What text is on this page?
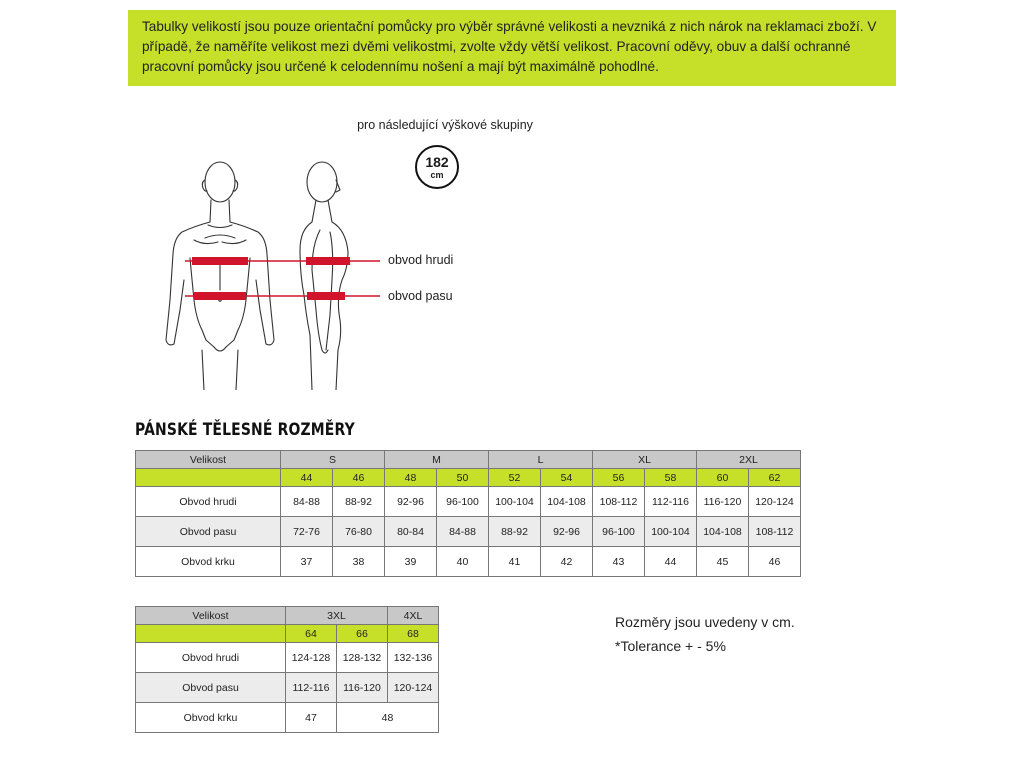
Tabulky velikostí jsou pouze orientační pomůcky pro výběr správné velikosti a nevzniká z nich nárok na reklamaci zboží. V případě, že naměříte velikost mezi dvěmi velikostmi, zvolte vždy větší velikost. Pracovní oděvy, obuv a další ochranné pracovní pomůcky jsou určené k celodennímu nošení a mají být maximálně pohodlné.

pro následující výškové skupiny
182
cm
obvod hrudi
obvod pasu
PÁNSKÉ TĚLESNÉ ROZMĚRY
Velikost	S		M		L		XL		2XL	
	44	46	48	50	52	54	56	58	60	62
Obvod hrudi	84-88	88-92	92-96	96-100	100-104	104-108	108-112	112-116	116-120	120-124
Obvod pasu	72-76	76-80	80-84	84-88	88-92	92-96	96-100	100-104	104-108	108-112
Obvod krku	37	38	39	40	41	42	43	44	45	46
Velikost	3XL		4XL
	64	66	68
Obvod hrudi	124-128	128-132	132-136
Obvod pasu	112-116	116-120	120-124
Obvod krku	47	48	
Rozměry jsou uvedeny v cm.
*Tolerance + - 5%
